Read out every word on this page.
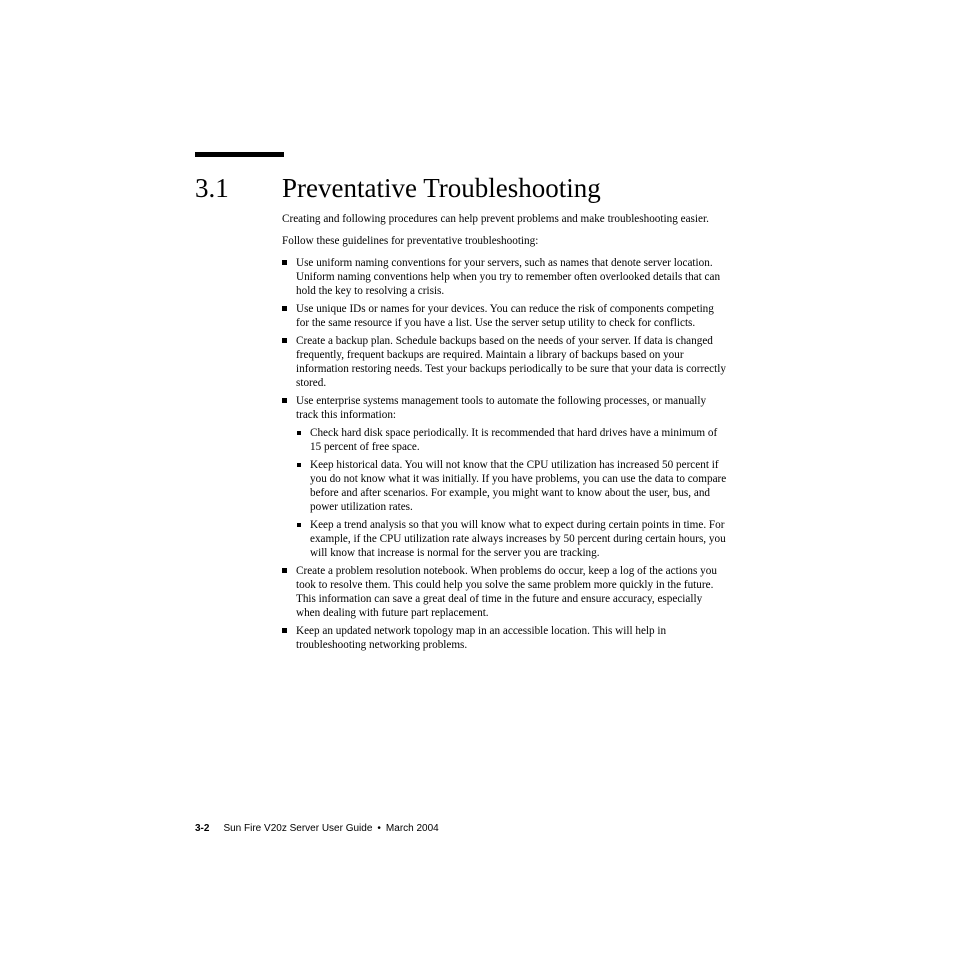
3.1 Preventative Troubleshooting

Creating and following procedures can help prevent problems and make troubleshooting easier.

Follow these guidelines for preventative troubleshooting:

Use uniform naming conventions for your servers, such as names that denote server location. Uniform naming conventions help when you try to remember often overlooked details that can hold the key to resolving a crisis.
Use unique IDs or names for your devices. You can reduce the risk of components competing for the same resource if you have a list. Use the server setup utility to check for conflicts.
Create a backup plan. Schedule backups based on the needs of your server. If data is changed frequently, frequent backups are required. Maintain a library of backups based on your information restoring needs. Test your backups periodically to be sure that your data is correctly stored.
Use enterprise systems management tools to automate the following processes, or manually track this information:
Check hard disk space periodically. It is recommended that hard drives have a minimum of 15 percent of free space.
Keep historical data. You will not know that the CPU utilization has increased 50 percent if you do not know what it was initially. If you have problems, you can use the data to compare before and after scenarios. For example, you might want to know about the user, bus, and power utilization rates.
Keep a trend analysis so that you will know what to expect during certain points in time. For example, if the CPU utilization rate always increases by 50 percent during certain hours, you will know that increase is normal for the server you are tracking.
Create a problem resolution notebook. When problems do occur, keep a log of the actions you took to resolve them. This could help you solve the same problem more quickly in the future. This information can save a great deal of time in the future and ensure accuracy, especially when dealing with future part replacement.
Keep an updated network topology map in an accessible location. This will help in troubleshooting networking problems.
3-2 Sun Fire V20z Server User Guide • March 2004
